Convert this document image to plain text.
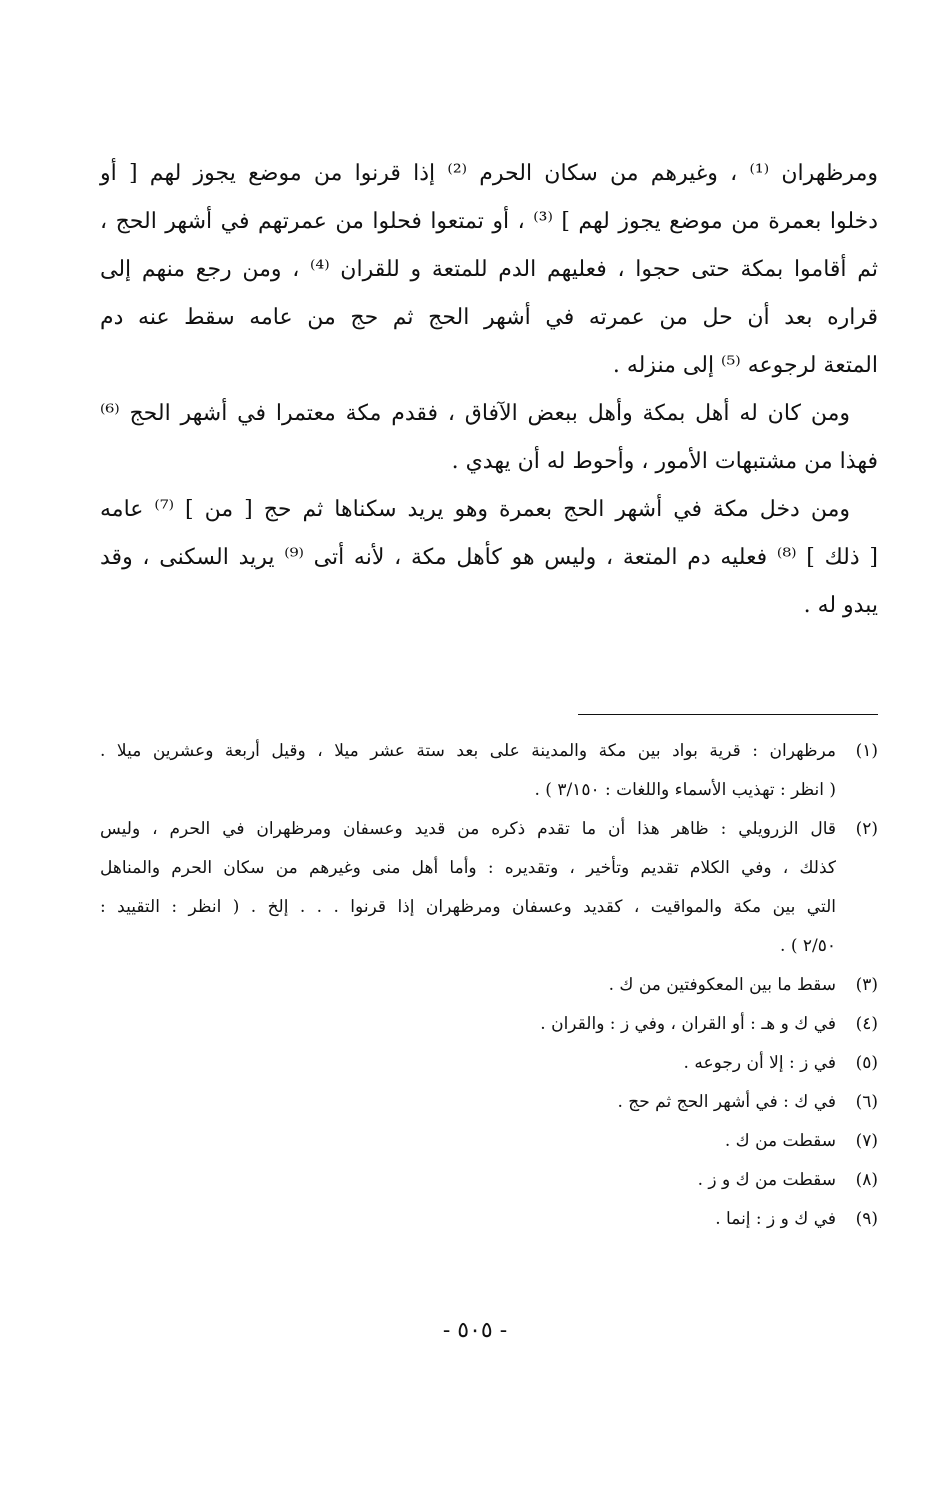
ومرظهران ⁽¹⁾ ، وغيرهم من سكان الحرم ⁽²⁾ إذا قرنوا من موضع يجوز لهم [ أو
دخلوا بعمرة من موضع يجوز لهم ] ⁽³⁾ ، أو تمتعوا فحلوا من عمرتهم في أشهر الحج ،
ثم أقاموا بمكة حتى حجوا ، فعليهم الدم للمتعة و للقران ⁽⁴⁾ ، ومن رجع منهم إلى
قراره بعد أن حل من عمرته في أشهر الحج ثم حج من عامه سقط عنه دم
المتعة لرجوعه ⁽⁵⁾ إلى منزله .

ومن كان له أهل بمكة وأهل ببعض الآفاق ، فقدم مكة معتمرا في أشهر الحج ⁽⁶⁾
فهذا من مشتبهات الأمور ، وأحوط له أن يهدي .

ومن دخل مكة في أشهر الحج بعمرة وهو يريد سكناها ثم حج [ من ] ⁽⁷⁾ عامه
[ ذلك ] ⁽⁸⁾ فعليه دم المتعة ، وليس هو كأهل مكة ، لأنه أتى ⁽⁹⁾ يريد السكنى ، وقد
يبدو له .

(١)
مرظهران : قرية بواد بين مكة والمدينة على بعد ستة عشر ميلا ، وقيل أربعة وعشرين ميلا .
( انظر : تهذيب الأسماء واللغات : ٣/١٥٠ ) .
(٢)
قال الزرويلي : ظاهر هذا أن ما تقدم ذكره من قديد وعسفان ومرظهران في الحرم ، وليس
كذلك ، وفي الكلام تقديم وتأخير ، وتقديره : وأما أهل منى وغيرهم من سكان الحرم والمناهل
التي بين مكة والمواقيت ، كقديد وعسفان ومرظهران إذا قرنوا . . . إلخ . ( انظر : التقييد :
٢/٥٠ ) .
(٣)
سقط ما بين المعكوفتين من ك .
(٤)
في ك و هـ : أو القران ، وفي ز : والقران .
(٥)
في ز : إلا أن رجوعه .
(٦)
في ك : في أشهر الحج ثم حج .
(٧)
سقطت من ك .
(٨)
سقطت من ك و ز .
(٩)
في ك و ز : إنما .
- ٥٠٥ -
